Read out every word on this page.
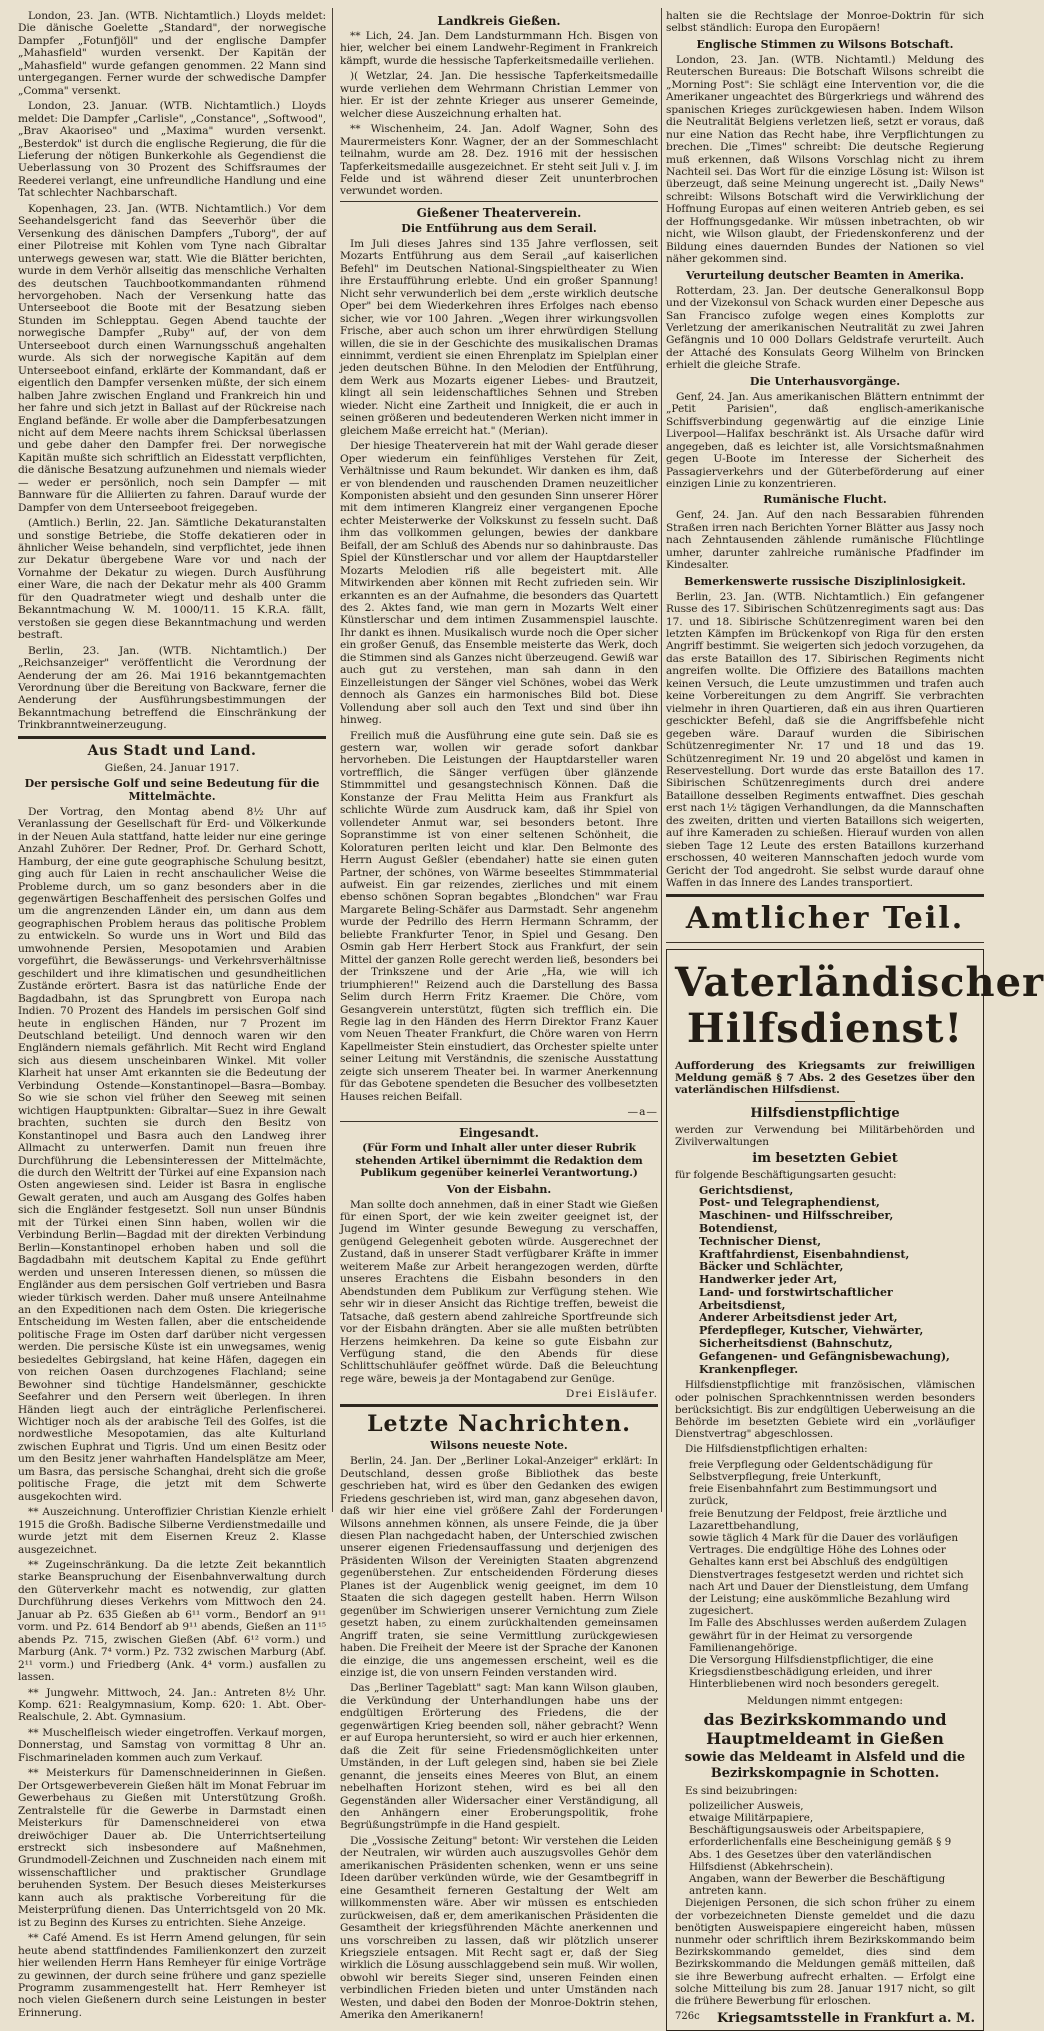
London, 23. Jan. (WTB. Nichtamtlich.) Lloyds meldet: Die dänische Goelette „Standard", der norwegische Dampfer „Fotunfjöll" und der englische Dampfer „Mahasfield" wurden versenkt. Der Kapitän der „Mahasfield" wurde gefangen genommen. 22 Mann sind untergegangen. Ferner wurde der schwedische Dampfer „Comma" versenkt.

London, 23. Januar. (WTB. Nichtamtlich.) Lloyds meldet: Die Dampfer „Carlisle", „Constance", „Softwood", „Brav Akaoriseo" und „Maxima" wurden versenkt. „Besterdok" ist durch die englische Regierung, die für die Lieferung der nötigen Bunkerkohle als Gegendienst die Ueberlassung von 30 Prozent des Schiffsraumes der Reederei verlangt, eine unfreundliche Handlung und eine Tat schlechter Nachbarschaft.

Kopenhagen, 23. Jan. (WTB. Nichtamtlich.) Vor dem Seehandelsgericht fand das Seeverhör über die Versenkung des dänischen Dampfers „Tuborg", der auf einer Pilotreise mit Kohlen vom Tyne nach Gibraltar unterwegs gewesen war, statt. Wie die Blätter berichten, wurde in dem Verhör allseitig das menschliche Verhalten des deutschen Tauchbootkommandanten rühmend hervorgehoben. Nach der Versenkung hatte das Unterseeboot die Boote mit der Besatzung sieben Stunden im Schlepptau. Gegen Abend tauchte der norwegische Dampfer „Ruby" auf, der von dem Unterseeboot durch einen Warnungsschuß angehalten wurde. Als sich der norwegische Kapitän auf dem Unterseeboot einfand, erklärte der Kommandant, daß er eigentlich den Dampfer versenken müßte, der sich einem halben Jahre zwischen England und Frankreich hin und her fahre und sich jetzt in Ballast auf der Rückreise nach England befände. Er wolle aber die Dampferbesatzungen nicht auf dem Meere nachts ihrem Schicksal überlassen und gebe daher den Dampfer frei. Der norwegische Kapitän mußte sich schriftlich an Eidesstatt verpflichten, die dänische Besatzung aufzunehmen und niemals wieder — weder er persönlich, noch sein Dampfer — mit Bannware für die Alliierten zu fahren. Darauf wurde der Dampfer von dem Unterseeboot freigegeben.

(Amtlich.) Berlin, 22. Jan. Sämtliche Dekaturanstalten und sonstige Betriebe, die Stoffe dekatieren oder in ähnlicher Weise behandeln, sind verpflichtet, jede ihnen zur Dekatur übergebene Ware vor und nach der Vornahme der Dekatur zu wiegen. Durch Ausführung einer Ware, die nach der Dekatur mehr als 400 Gramm für den Quadratmeter wiegt und deshalb unter die Bekanntmachung W. M. 1000/11. 15 K.R.A. fällt, verstoßen sie gegen diese Bekanntmachung und werden bestraft.

Berlin, 23. Jan. (WTB. Nichtamtlich.) Der „Reichsanzeiger" veröffentlicht die Verordnung der Aenderung der am 26. Mai 1916 bekanntgemachten Verordnung über die Bereitung von Backware, ferner die Aenderung der Ausführungsbestimmungen der Bekanntmachung betreffend die Einschränkung der Trinkbranntweinerzeugung.

Aus Stadt und Land.
Gießen, 24. Januar 1917.
Der persische Golf und seine Bedeutung für die Mittelmächte.

Der Vortrag, den Montag abend 8½ Uhr auf Veranlassung der Gesellschaft für Erd- und Völkerkunde in der Neuen Aula stattfand, hatte leider nur eine geringe Anzahl Zuhörer. Der Redner, Prof. Dr. Gerhard Schott, Hamburg, der eine gute geographische Schulung besitzt, ging auch für Laien in recht anschaulicher Weise die Probleme durch, um so ganz besonders aber in die gegenwärtigen Beschaffenheit des persischen Golfes und um die angrenzenden Länder ein, um dann aus dem geographischen Problem heraus das politische Problem zu entwickeln. So wurde uns in Wort und Bild das umwohnende Persien, Mesopotamien und Arabien vorgeführt, die Bewässerungs- und Verkehrsverhältnisse geschildert und ihre klimatischen und gesundheitlichen Zustände erörtert. Basra ist das natürliche Ende der Bagdadbahn, ist das Sprungbrett von Europa nach Indien. 70 Prozent des Handels im persischen Golf sind heute in englischen Händen, nur 7 Prozent im Deutschland beteiligt. Und dennoch waren wir den Engländern niemals gefährlich. Mit Recht wird England sich aus diesem unscheinbaren Winkel. Mit voller Klarheit hat unser Amt erkannten sie die Bedeutung der Verbindung Ostende—Konstantinopel—Basra—Bombay. So wie sie schon viel früher den Seeweg mit seinen wichtigen Hauptpunkten: Gibraltar—Suez in ihre Gewalt brachten, suchten sie durch den Besitz von Konstantinopel und Basra auch den Landweg ihrer Allmacht zu unterwerfen. Damit nun freuen ihre Durchführung die Lebensinteressen der Mittelmächte, die durch den Weltritt der Türkei auf eine Expansion nach Osten angewiesen sind. Leider ist Basra in englische Gewalt geraten, und auch am Ausgang des Golfes haben sich die Engländer festgesetzt. Soll nun unser Bündnis mit der Türkei einen Sinn haben, wollen wir die Verbindung Berlin—Bagdad mit der direkten Verbindung Berlin—Konstantinopel erhoben haben und soll die Bagdadbahn mit deutschem Kapital zu Ende geführt werden und unseren Interessen dienen, so müssen die Engländer aus dem persischen Golf vertrieben und Basra wieder türkisch werden. Daher muß unsere Anteilnahme an den Expeditionen nach dem Osten. Die kriegerische Entscheidung im Westen fallen, aber die entscheidende politische Frage im Osten darf darüber nicht vergessen werden. Die persische Küste ist ein unwegsames, wenig besiedeltes Gebirgsland, hat keine Häfen, dagegen ein von reichen Oasen durchzogenes Flachland; seine Bewohner sind tüchtige Handelsmänner, geschickte Seefahrer und den Persern weit überlegen. In ihren Händen liegt auch der einträgliche Perlenfischerei. Wichtiger noch als der arabische Teil des Golfes, ist die nordwestliche Mesopotamien, das alte Kulturland zwischen Euphrat und Tigris. Und um einen Besitz oder um den Besitz jener wahrhaften Handelsplätze am Meer, um Basra, das persische Schanghai, dreht sich die große politische Frage, die jetzt mit dem Schwerte ausgekochten wird.

** Auszeichnung. Unteroffizier Christian Kienzle erhielt 1915 die Großh. Badische Silberne Verdienstmedaille und wurde jetzt mit dem Eisernen Kreuz 2. Klasse ausgezeichnet.

** Zugeinschränkung. Da die letzte Zeit bekanntlich starke Beanspruchung der Eisenbahnverwaltung durch den Güterverkehr macht es notwendig, zur glatten Durchführung dieses Verkehrs vom Mittwoch den 24. Januar ab Pz. 635 Gießen ab 6¹¹ vorm., Bendorf an 9¹¹ vorm. und Pz. 614 Bendorf ab 9¹¹ abends, Gießen an 11¹⁵ abends Pz. 715, zwischen Gießen (Abf. 6¹² vorm.) und Marburg (Ank. 7⁴ vorm.) Pz. 732 zwischen Marburg (Abf. 2¹¹ vorm.) und Friedberg (Ank. 4⁴ vorm.) ausfallen zu lassen.

** Jungwehr. Mittwoch, 24. Jan.: Antreten 8½ Uhr. Komp. 621: Realgymnasium, Komp. 620: 1. Abt. Ober-Realschule, 2. Abt. Gymnasium.

** Muschelfleisch wieder eingetroffen. Verkauf morgen, Donnerstag, und Samstag von vormittag 8 Uhr an. Fischmarineladen kommen auch zum Verkauf.

** Meisterkurs für Damenschneiderinnen in Gießen. Der Ortsgewerbeverein Gießen hält im Monat Februar im Gewerbehaus zu Gießen mit Unterstützung Großh. Zentralstelle für die Gewerbe in Darmstadt einen Meisterkurs für Damenschneiderei von etwa dreiwöchiger Dauer ab. Die Unterrichtserteilung erstreckt sich insbesondere auf Maßnehmen, Grundmodell-Zeichnen und Zuschneiden nach einem mit wissenschaftlicher und praktischer Grundlage beruhenden System. Der Besuch dieses Meisterkurses kann auch als praktische Vorbereitung für die Meisterprüfung dienen. Das Unterrichtsgeld von 20 Mk. ist zu Beginn des Kurses zu entrichten. Siehe Anzeige.

** Café Amend. Es ist Herrn Amend gelungen, für sein heute abend stattfindendes Familienkonzert den zurzeit hier weilenden Herrn Hans Remheyer für einige Vorträge zu gewinnen, der durch seine frühere und ganz spezielle Programm zusammengestellt hat. Herr Remheyer ist noch vielen Gießenern durch seine Leistungen in bester Erinnerung.

Landkreis Gießen.

** Lich, 24. Jan. Dem Landsturmmann Hch. Bisgen von hier, welcher bei einem Landwehr-Regiment in Frankreich kämpft, wurde die hessische Tapferkeitsmedaille verliehen.

)( Wetzlar, 24. Jan. Die hessische Tapferkeitsmedaille wurde verliehen dem Wehrmann Christian Lemmer von hier. Er ist der zehnte Krieger aus unserer Gemeinde, welcher diese Auszeichnung erhalten hat.

** Wischenheim, 24. Jan. Adolf Wagner, Sohn des Maurermeisters Konr. Wagner, der an der Sommeschlacht teilnahm, wurde am 28. Dez. 1916 mit der hessischen Tapferkeitsmedaille ausgezeichnet. Er steht seit Juli v. J. im Felde und ist während dieser Zeit ununterbrochen verwundet worden.

Gießener Theaterverein.
Die Entführung aus dem Serail.

Im Juli dieses Jahres sind 135 Jahre verflossen, seit Mozarts Entführung aus dem Serail „auf kaiserlichen Befehl" im Deutschen National-Singspieltheater zu Wien ihre Erstaufführung erlebte. Und ein großer Spannung! Nicht sehr verwunderlich bei dem „erste wirklich deutsche Oper" bei dem Wiederkehren ihres Erfolges nach ebenso sicher, wie vor 100 Jahren. „Wegen ihrer wirkungsvollen Frische, aber auch schon um ihrer ehrwürdigen Stellung willen, die sie in der Geschichte des musikalischen Dramas einnimmt, verdient sie einen Ehrenplatz im Spielplan einer jeden deutschen Bühne. In den Melodien der Entführung, dem Werk aus Mozarts eigener Liebes- und Brautzeit, klingt all sein leidenschaftliches Sehnen und Streben wieder. Nicht eine Zartheit und Innigkeit, die er auch in seinen größeren und bedeutenderen Werken nicht immer in gleichem Maße erreicht hat." (Merian).

Der hiesige Theaterverein hat mit der Wahl gerade dieser Oper wiederum ein feinfühliges Verstehen für Zeit, Verhältnisse und Raum bekundet. Wir danken es ihm, daß er von blendenden und rauschenden Dramen neuzeitlicher Komponisten absieht und den gesunden Sinn unserer Hörer mit dem intimeren Klangreiz einer vergangenen Epoche echter Meisterwerke der Volkskunst zu fesseln sucht. Daß ihm das vollkommen gelungen, bewies der dankbare Beifall, der am Schluß des Abends nur so dahinbrauste. Das Spiel der Künstlerschar und vor allem der Hauptdarsteller Mozarts Melodien riß alle begeistert mit. Alle Mitwirkenden aber können mit Recht zufrieden sein. Wir erkannten es an der Aufnahme, die besonders das Quartett des 2. Aktes fand, wie man gern in Mozarts Welt einer Künstlerschar und dem intimen Zusammenspiel lauschte. Ihr dankt es ihnen. Musikalisch wurde noch die Oper sicher ein großer Genuß, das Ensemble meisterte das Werk, doch die Stimmen sind als Ganzes nicht überzeugend. Gewiß war auch gut zu verstehen, man sah dann in den Einzelleistungen der Sänger viel Schönes, wobei das Werk dennoch als Ganzes ein harmonisches Bild bot. Diese Vollendung aber soll auch den Text und sind über ihn hinweg.

Freilich muß die Ausführung eine gute sein. Daß sie es gestern war, wollen wir gerade sofort dankbar hervorheben. Die Leistungen der Hauptdarsteller waren vortrefflich, die Sänger verfügen über glänzende Stimmmittel und gesangstechnisch Können. Daß die Konstanze der Frau Melitta Heim aus Frankfurt als schlichte Würde zum Ausdruck kam, daß ihr Spiel von vollendeter Anmut war, sei besonders betont. Ihre Sopranstimme ist von einer seltenen Schönheit, die Koloraturen perlten leicht und klar. Den Belmonte des Herrn August Geßler (ebendaher) hatte sie einen guten Partner, der schönes, von Wärme beseeltes Stimmmaterial aufweist. Ein gar reizendes, zierliches und mit einem ebenso schönen Sopran begabtes „Blondchen" war Frau Margarete Beling-Schäfer aus Darmstadt. Sehr angenehm wurde der Pedrillo des Herrn Hermann Schramm, der beliebte Frankfurter Tenor, in Spiel und Gesang. Den Osmin gab Herr Herbert Stock aus Frankfurt, der sein Mittel der ganzen Rolle gerecht werden ließ, besonders bei der Trinkszene und der Arie „Ha, wie will ich triumphieren!" Reizend auch die Darstellung des Bassa Selim durch Herrn Fritz Kraemer. Die Chöre, vom Gesangverein unterstützt, fügten sich trefflich ein. Die Regie lag in den Händen des Herrn Direktor Franz Kauer vom Neuen Theater Frankfurt, die Chöre waren von Herrn Kapellmeister Stein einstudiert, das Orchester spielte unter seiner Leitung mit Verständnis, die szenische Ausstattung zeigte sich unserem Theater bei. In warmer Anerkennung für das Gebotene spendeten die Besucher des vollbesetzten Hauses reichen Beifall.

—a—
Eingesandt.

(Für Form und Inhalt aller unter dieser Rubrik stehenden Artikel übernimmt die Redaktion dem Publikum gegenüber keinerlei Verantwortung.)

Von der Eisbahn.

Man sollte doch annehmen, daß in einer Stadt wie Gießen für einen Sport, der wie kein zweiter geeignet ist, der Jugend im Winter gesunde Bewegung zu verschaffen, genügend Gelegenheit geboten würde. Ausgerechnet der Zustand, daß in unserer Stadt verfügbarer Kräfte in immer weiterem Maße zur Arbeit herangezogen werden, dürfte unseres Erachtens die Eisbahn besonders in den Abendstunden dem Publikum zur Verfügung stehen. Wie sehr wir in dieser Ansicht das Richtige treffen, beweist die Tatsache, daß gestern abend zahlreiche Sportfreunde sich vor der Eisbahn drängten. Aber sie alle mußten betrübten Herzens heimkehren. Da keine so gute Eisbahn zur Verfügung stand, die den Abends für diese Schlittschuhläufer geöffnet würde. Daß die Beleuchtung rege wäre, beweis ja der Montagabend zur Genüge.

Drei Eisläufer.
Letzte Nachrichten.
Wilsons neueste Note.

Berlin, 24. Jan. Der „Berliner Lokal-Anzeiger" erklärt: In Deutschland, dessen große Bibliothek das beste geschrieben hat, wird es über den Gedanken des ewigen Friedens geschrieben ist, wird man, ganz abgesehen davon, daß wir hier eine viel größere Zahl der Forderungen Wilsons annehmen können, als unsere Feinde, die ja über diesen Plan nachgedacht haben, der Unterschied zwischen unserer eigenen Friedensauffassung und derjenigen des Präsidenten Wilson der Vereinigten Staaten abgrenzend gegenüberstehen. Zur entscheidenden Förderung dieses Planes ist der Augenblick wenig geeignet, im dem 10 Staaten die sich dagegen gestellt haben. Herrn Wilson gegenüber im Schwierigen unserer Vernichtung zum Ziele gesetzt haben, zu einem zurückhaltenden gemeinsamen Angriff traten, sie seine Vermittlung zurückgewiesen haben. Die Freiheit der Meere ist der Sprache der Kanonen die einzige, die uns angemessen erscheint, weil es die einzige ist, die von unsern Feinden verstanden wird.

Das „Berliner Tageblatt" sagt: Man kann Wilson glauben, die Verkündung der Unterhandlungen habe uns der endgültigen Erörterung des Friedens, die der gegenwärtigen Krieg beenden soll, näher gebracht? Wenn er auf Europa heruntersieht, so wird er auch hier erkennen, daß die Zeit für seine Friedensmöglichkeiten unter Umständen, in der Luft gelegen sind, haben sie bei Ziele genannt, die jenseits eines Meeres von Blut, an einem nebelhaften Horizont stehen, wird es bei all den Gegenständen aller Widersacher einer Verständigung, all den Anhängern einer Eroberungspolitik, frohe Begrüßungstrümpfe in die Hand gespielt.

Die „Vossische Zeitung" betont: Wir verstehen die Leiden der Neutralen, wir würden auch auszugsvolles Gehör dem amerikanischen Präsidenten schenken, wenn er uns seine Ideen darüber verkünden würde, wie der Gesamtbegriff in eine Gesamtheit ferneren Gestaltung der Welt am willkommensten wäre. Aber wir müssen es entschieden zurückweisen, daß er, dem amerikanischen Präsidenten die Gesamtheit der kriegsführenden Mächte anerkennen und uns vorschreiben zu lassen, daß wir plötzlich unserer Kriegsziele entsagen. Mit Recht sagt er, daß der Sieg wirklich die Lösung ausschlaggebend sein muß. Wir wollen, obwohl wir bereits Sieger sind, unseren Feinden einen verbindlichen Frieden bieten und unter Umständen nach Westen, und dabei den Boden der Monroe-Doktrin stehen, Amerika den Amerikanern!

halten sie die Rechtslage der Monroe-Doktrin für sich selbst ständlich: Europa den Europäern!

Englische Stimmen zu Wilsons Botschaft.

London, 23. Jan. (WTB. Nichtamtl.) Meldung des Reuterschen Bureaus: Die Botschaft Wilsons schreibt die „Morning Post": Sie schlägt eine Intervention vor, die die Amerikaner ungeachtet des Bürgerkriegs und während des spanischen Krieges zurückgewiesen haben. Indem Wilson die Neutralität Belgiens verletzen ließ, setzt er voraus, daß nur eine Nation das Recht habe, ihre Verpflichtungen zu brechen. Die „Times" schreibt: Die deutsche Regierung muß erkennen, daß Wilsons Vorschlag nicht zu ihrem Nachteil sei. Das Wort für die einzige Lösung ist: Wilson ist überzeugt, daß seine Meinung ungerecht ist. „Daily News" schreibt: Wilsons Botschaft wird die Verwirklichung der Hoffnung Europas auf einen weiteren Antrieb geben, es sei der Hoffnungsgedanke. Wir müssen inbetrachten, ob wir nicht, wie Wilson glaubt, der Friedenskonferenz und der Bildung eines dauernden Bundes der Nationen so viel näher gekommen sind.

Verurteilung deutscher Beamten in Amerika.

Rotterdam, 23. Jan. Der deutsche Generalkonsul Bopp und der Vizekonsul von Schack wurden einer Depesche aus San Francisco zufolge wegen eines Komplotts zur Verletzung der amerikanischen Neutralität zu zwei Jahren Gefängnis und 10 000 Dollars Geldstrafe verurteilt. Auch der Attaché des Konsulats Georg Wilhelm von Brincken erhielt die gleiche Strafe.

Die Unterhausvorgänge.

Genf, 24. Jan. Aus amerikanischen Blättern entnimmt der „Petit Parisien", daß englisch-amerikanische Schiffsverbindung gegenwärtig auf die einzige Linie Liverpool—Halifax beschränkt ist. Als Ursache dafür wird angegeben, daß es leichter ist, alle Vorsichtsmaßnahmen gegen U-Boote im Interesse der Sicherheit des Passagierverkehrs und der Güterbeförderung auf einer einzigen Linie zu konzentrieren.

Rumänische Flucht.

Genf, 24. Jan. Auf den nach Bessarabien führenden Straßen irren nach Berichten Yorner Blätter aus Jassy noch nach Zehntausenden zählende rumänische Flüchtlinge umher, darunter zahlreiche rumänische Pfadfinder im Kindesalter.

Bemerkenswerte russische Disziplinlosigkeit.

Berlin, 23. Jan. (WTB. Nichtamtlich.) Ein gefangener Russe des 17. Sibirischen Schützenregiments sagt aus: Das 17. und 18. Sibirische Schützenregiment waren bei den letzten Kämpfen im Brückenkopf von Riga für den ersten Angriff bestimmt. Sie weigerten sich jedoch vorzugehen, da das erste Bataillon des 17. Sibirischen Regiments nicht angreifen wollte. Die Offiziere des Bataillons machten keinen Versuch, die Leute umzustimmen und trafen auch keine Vorbereitungen zu dem Angriff. Sie verbrachten vielmehr in ihren Quartieren, daß ein aus ihren Quartieren geschickter Befehl, daß sie die Angriffsbefehle nicht gegeben wäre. Darauf wurden die Sibirischen Schützenregimenter Nr. 17 und 18 und das 19. Schützenregiment Nr. 19 und 20 abgelöst und kamen in Reservestellung. Dort wurde das erste Bataillon des 17. Sibirischen Schützenregiments durch drei andere Bataillone desselben Regiments entwaffnet. Dies geschah erst nach 1½ tägigen Verhandlungen, da die Mannschaften des zweiten, dritten und vierten Bataillons sich weigerten, auf ihre Kameraden zu schießen. Hierauf wurden von allen sieben Tage 12 Leute des ersten Bataillons kurzerhand erschossen, 40 weiteren Mannschaften jedoch wurde vom Gericht der Tod angedroht. Sie selbst wurde darauf ohne Waffen in das Innere des Landes transportiert.

Amtlicher Teil.
Vaterländischer Hilfsdienst!

Aufforderung des Kriegsamts zur freiwilligen Meldung gemäß § 7 Abs. 2 des Gesetzes über den vaterländischen Hilfsdienst.

Hilfsdienstpflichtige

werden zur Verwendung bei Militärbehörden und Zivilverwaltungen

im besetzten Gebiet

für folgende Beschäftigungsarten gesucht:

Gerichtsdienst,
Post- und Telegraphendienst,
Maschinen- und Hilfsschreiber, Botendienst,
Technischer Dienst,
Kraftfahrdienst, Eisenbahndienst,
Bäcker und Schlächter,
Handwerker jeder Art,
Land- und forstwirtschaftlicher Arbeitsdienst,
Anderer Arbeitsdienst jeder Art,
Pferdepfleger, Kutscher, Viehwärter,
Sicherheitsdienst (Bahnschutz, Gefangenen- und Gefängnisbewachung),
Krankenpfleger.

Hilfsdienstpflichtige mit französischen, vlämischen oder polnischen Sprachkenntnissen werden besonders berücksichtigt. Bis zur endgültigen Ueberweisung an die Behörde im besetzten Gebiete wird ein „vorläufiger Dienstvertrag" abgeschlossen.

Die Hilfsdienstpflichtigen erhalten:

freie Verpflegung oder Geldentschädigung für Selbstverpflegung, freie Unterkunft,
freie Eisenbahnfahrt zum Bestimmungsort und zurück,
freie Benutzung der Feldpost, freie ärztliche und Lazarettbehandlung,
sowie täglich 4 Mark für die Dauer des vorläufigen Vertrages. Die endgültige Höhe des Lohnes oder Gehaltes kann erst bei Abschluß des endgültigen Dienstvertrages festgesetzt werden und richtet sich nach Art und Dauer der Dienstleistung, dem Umfang der Leistung; eine auskömmliche Bezahlung wird zugesichert.
Im Falle des Abschlusses werden außerdem Zulagen gewährt für in der Heimat zu versorgende Familienangehörige.
Die Versorgung Hilfsdienstpflichtiger, die eine Kriegsdienstbeschädigung erleiden, und ihrer Hinterbliebenen wird noch besonders geregelt.
Meldungen nimmt entgegen:
das Bezirkskommando und Hauptmeldeamt in Gießen
sowie das Meldeamt in Alsfeld und die Bezirkskompagnie in Schotten.

Es sind beizubringen:

polizeilicher Ausweis,
etwaige Militärpapiere,
Beschäftigungsausweis oder Arbeitspapiere, erforderlichenfalls eine Bescheinigung gemäß § 9 Abs. 1 des Gesetzes über den vaterländischen Hilfsdienst (Abkehrschein).
Angaben, wann der Bewerber die Beschäftigung antreten kann.

Diejenigen Personen, die sich schon früher zu einem der vorbezeichneten Dienste gemeldet und die dazu benötigten Ausweispapiere eingereicht haben, müssen nunmehr oder schriftlich ihrem Bezirkskommando beim Bezirkskommando gemeldet, dies sind dem Bezirkskommando die Meldungen gemäß mitteilen, daß sie ihre Bewerbung aufrecht erhalten. — Erfolgt eine solche Mitteilung bis zum 28. Januar 1917 nicht, so gilt die frühere Bewerbung für erloschen.

726c Kriegsamtsstelle in Frankfurt a. M.
